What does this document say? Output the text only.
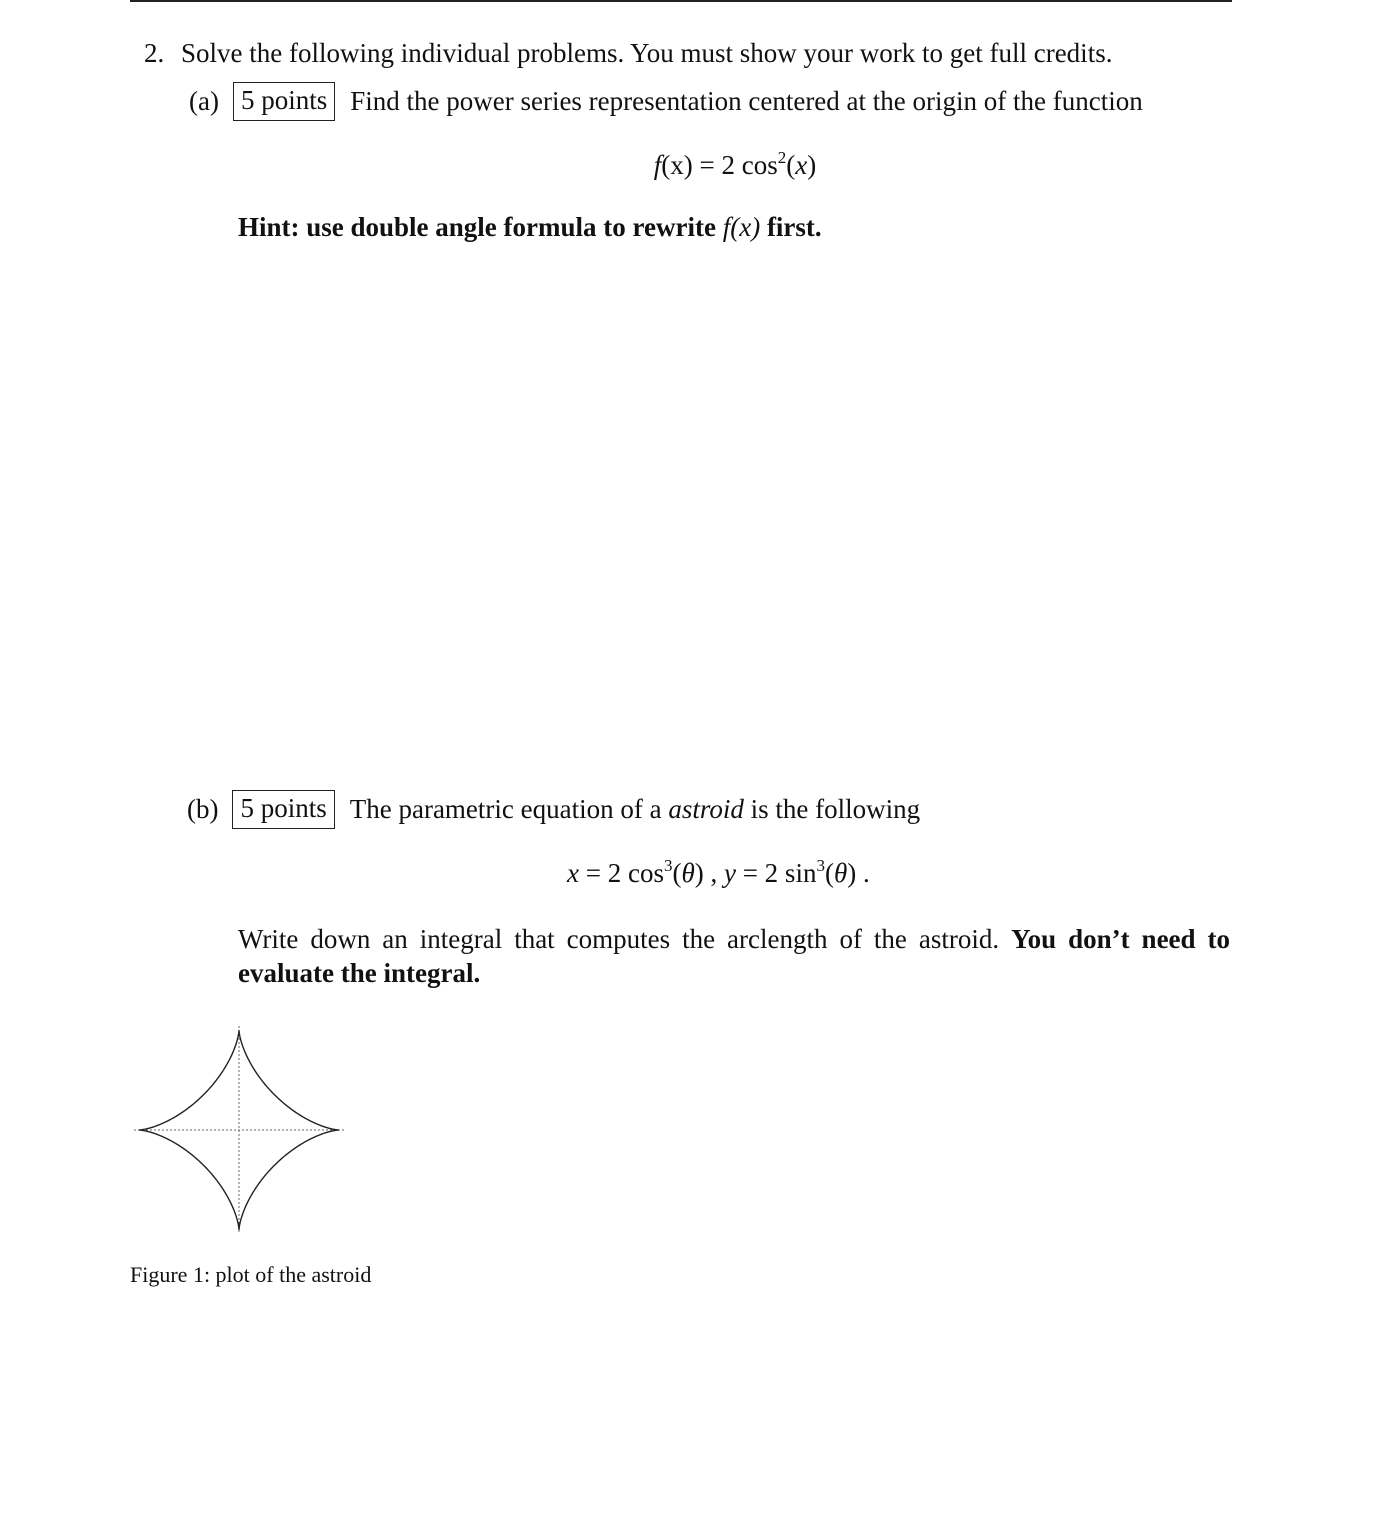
2. Solve the following individual problems. You must show your work to get full credits.
(a) 5 points Find the power series representation centered at the origin of the function
f(x) = 2 $\cos^2(x)$
Hint: use double angle formula to rewrite f(x) first.
(b) 5 points The parametric equation of a astroid is the following
x = 2 $\cos^3(\theta)$ , y = 2 $\sin^3(\theta)$ .
Write down an integral that computes the arclength of the astroid. You don’t need to evaluate the integral.
Figure 1: plot of the astroid
